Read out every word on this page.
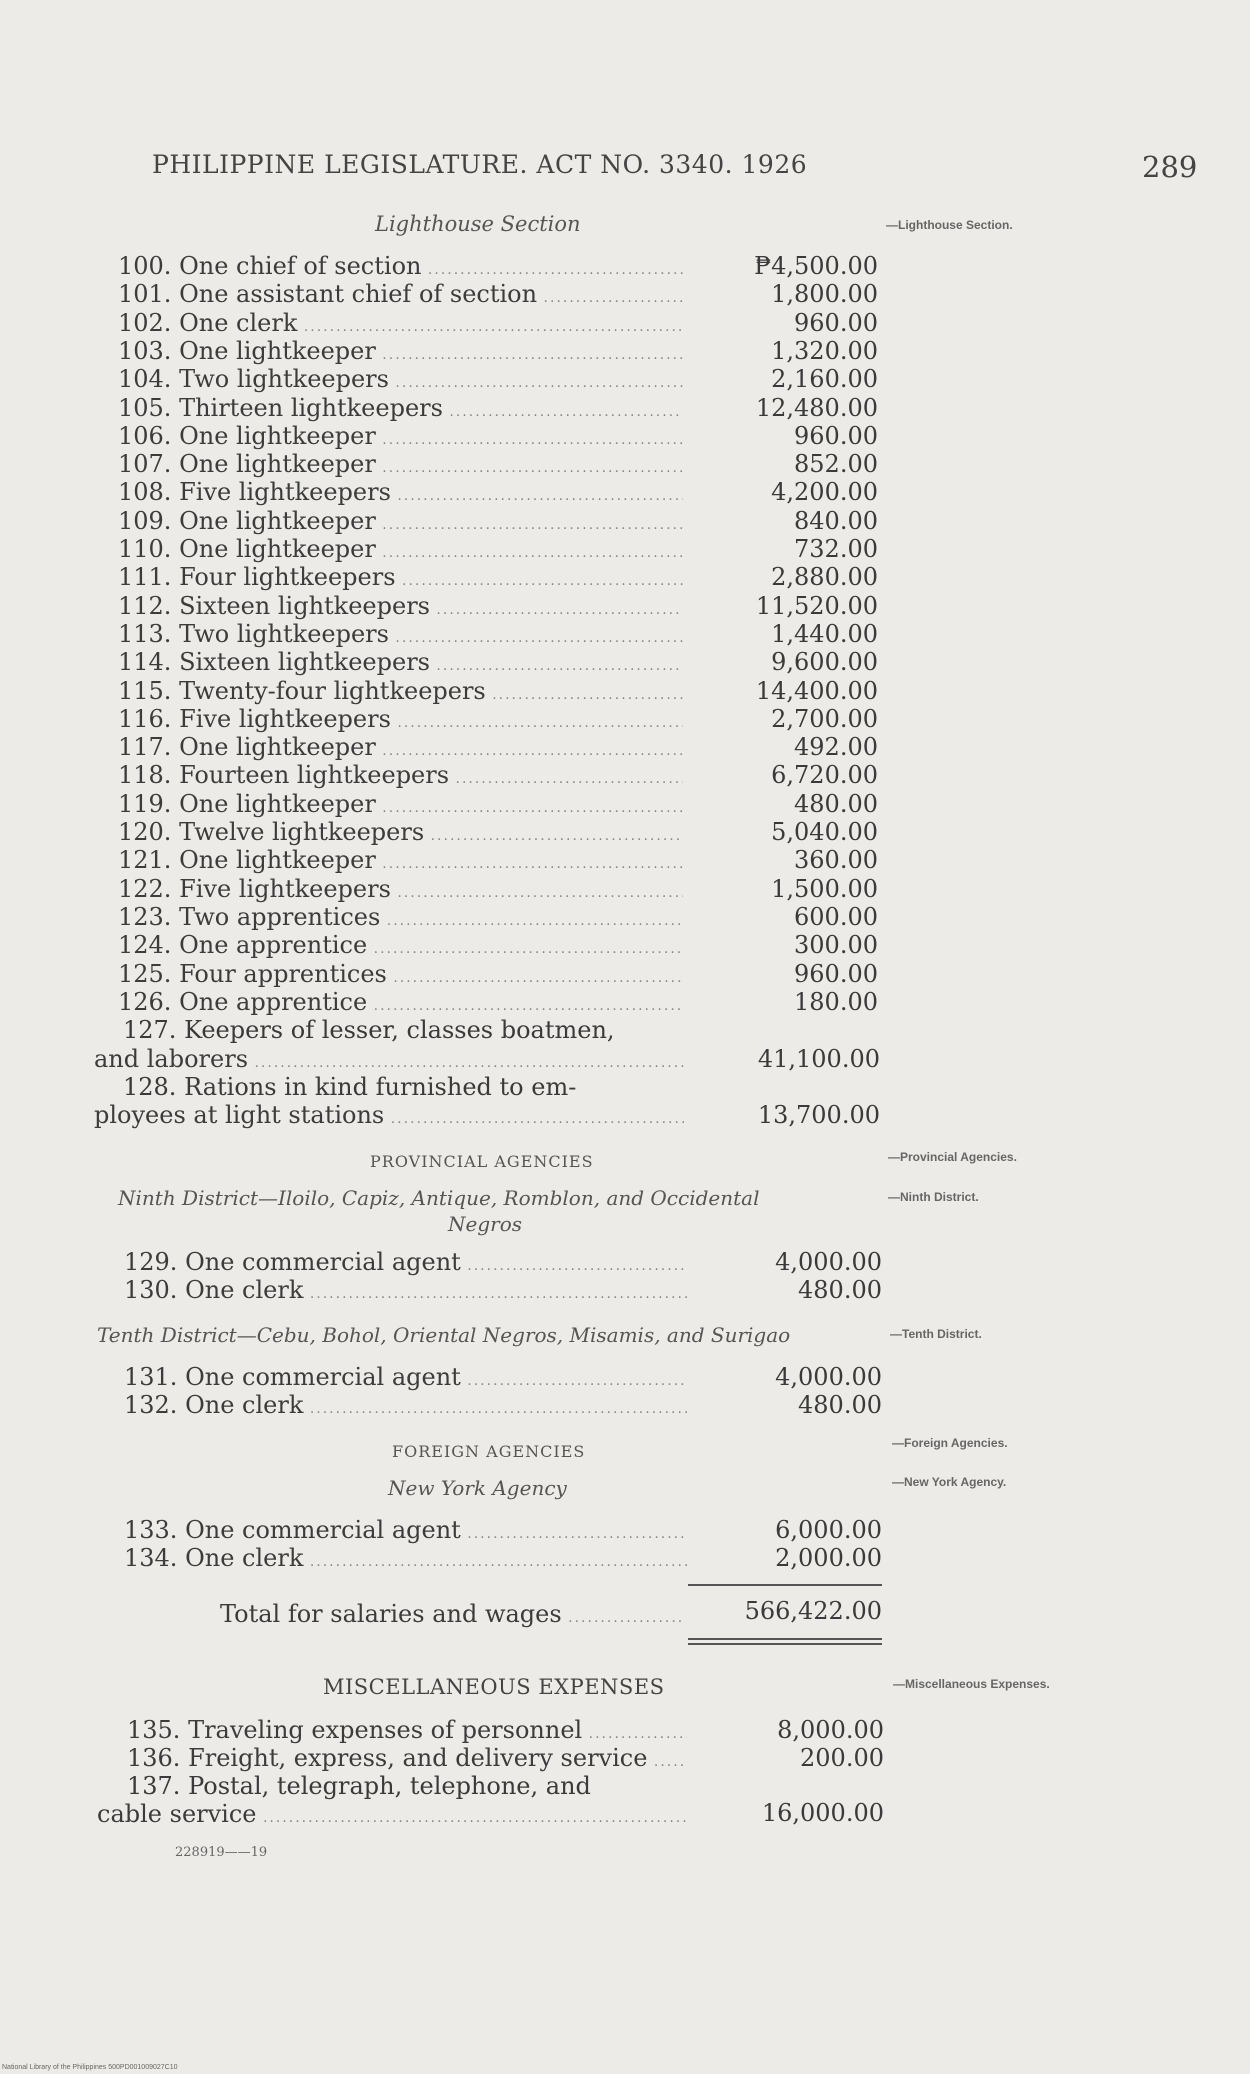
PHILIPPINE LEGISLATURE. ACT NO. 3340. 1926	289
Lighthouse Section	—Lighthouse Section.
100. One chief of section .....	₱4,500.00
101. One assistant chief of section .....	1,800.00
102. One clerk .....	960.00
103. One lightkeeper .....	1,320.00
104. Two lightkeepers .....	2,160.00
105. Thirteen lightkeepers .....	12,480.00
106. One lightkeeper .....	960.00
107. One lightkeeper .....	852.00
108. Five lightkeepers .....	4,200.00
109. One lightkeeper .....	840.00
110. One lightkeeper .....	732.00
111. Four lightkeepers .....	2,880.00
112. Sixteen lightkeepers .....	11,520.00
113. Two lightkeepers .....	1,440.00
114. Sixteen lightkeepers .....	9,600.00
115. Twenty-four lightkeepers .....	14,400.00
116. Five lightkeepers .....	2,700.00
117. One lightkeeper .....	492.00
118. Fourteen lightkeepers .....	6,720.00
119. One lightkeeper .....	480.00
120. Twelve lightkeepers .....	5,040.00
121. One lightkeeper .....	360.00
122. Five lightkeepers .....	1,500.00
123. Two apprentices .....	600.00
124. One apprentice .....	300.00
125. Four apprentices .....	960.00
126. One apprentice .....	180.00
127. Keepers of lesser, classes boatmen,
and laborers .....	41,100.00
128. Rations in kind furnished to em-
ployees at light stations .....	13,700.00
PROVINCIAL AGENCIES	—Provincial Agencies.
Ninth District—Iloilo, Capiz, Antique, Romblon, and Occidental
Negros
—Ninth District.
129. One commercial agent .....	4,000.00
130. One clerk .....	480.00
Tenth District—Cebu, Bohol, Oriental Negros, Misamis, and Surigao	—Tenth District.
131. One commercial agent .....	4,000.00
132. One clerk .....	480.00
FOREIGN AGENCIES	—Foreign Agencies.
New York Agency	—New York Agency.
133. One commercial agent .....	6,000.00
134. One clerk .....	2,000.00
Total for salaries and wages .....	566,422.00
MISCELLANEOUS EXPENSES	—Miscellaneous Expenses.
135. Traveling expenses of personnel .....	8,000.00
136. Freight, express, and delivery service .....	200.00
137. Postal, telegraph, telephone, and
cable service .....	16,000.00
228919——19
National Library of the Philippines 500PD001009027C10
